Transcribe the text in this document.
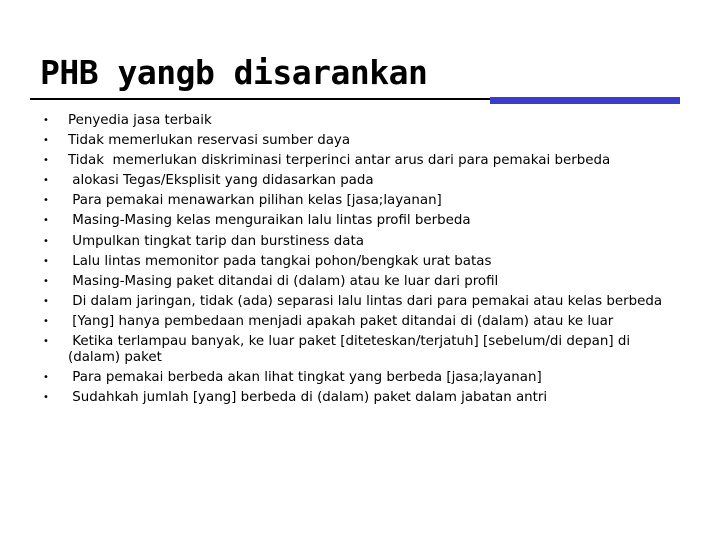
PHB yangb disarankan
• Penyedia jasa terbaik
• Tidak memerlukan reservasi sumber daya
• Tidak  memerlukan diskriminasi terperinci antar arus dari para pemakai berbeda
• alokasi Tegas/Eksplisit yang didasarkan pada
• Para pemakai menawarkan pilihan kelas [jasa;layanan]
• Masing-Masing kelas menguraikan lalu lintas profil berbeda
• Umpulkan tingkat tarip dan burstiness data
• Lalu lintas memonitor pada tangkai pohon/bengkak urat batas
• Masing-Masing paket ditandai di (dalam) atau ke luar dari profil
• Di dalam jaringan, tidak (ada) separasi lalu lintas dari para pemakai atau kelas berbeda
• [Yang] hanya pembedaan menjadi apakah paket ditandai di (dalam) atau ke luar
• Ketika terlampau banyak, ke luar paket [diteteskan/terjatuh] [sebelum/di depan] di (dalam) paket
• Para pemakai berbeda akan lihat tingkat yang berbeda [jasa;layanan]
• Sudahkah jumlah [yang] berbeda di (dalam) paket dalam jabatan antri
